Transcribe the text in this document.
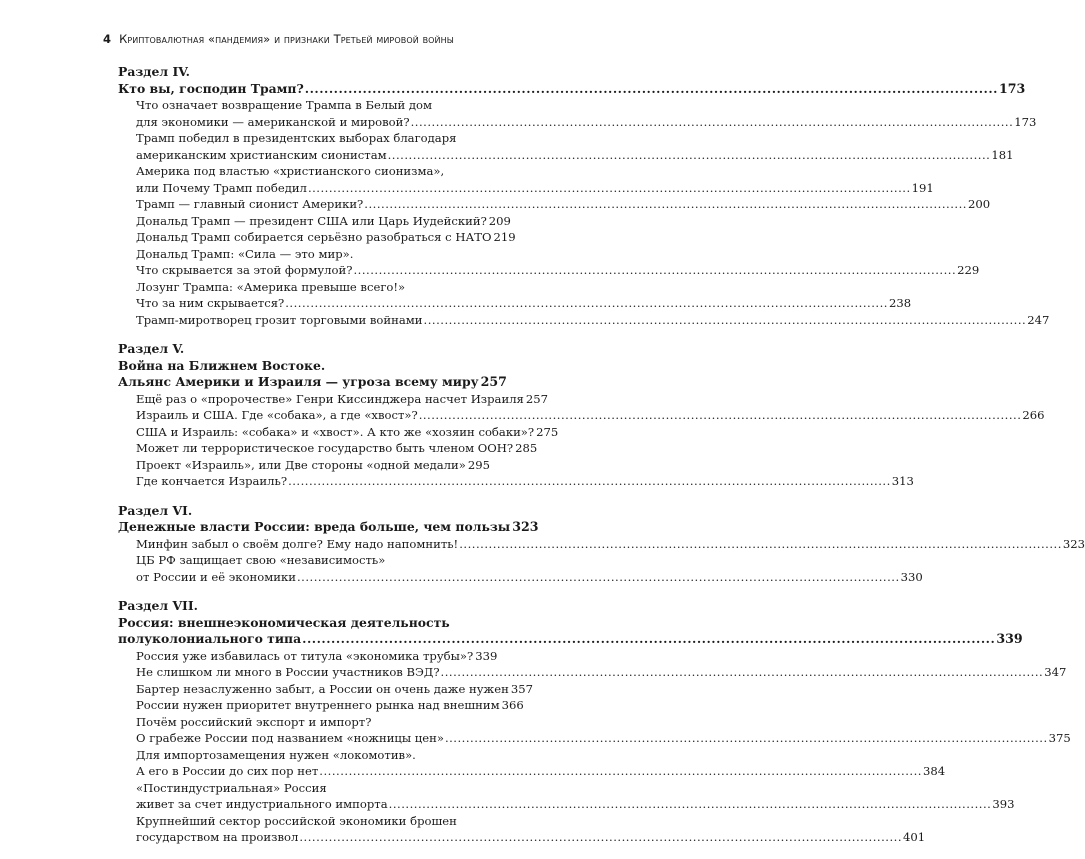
4 Криптовалютная «пандемия» и признаки Третьей мировой войны
Раздел IV.
Кто вы, господин Трамп? .....	173
Что означает возвращение Трампа в Белый дом
для экономики — американской и мировой? .....	173
Трамп победил в президентских выборах благодаря
американским христианским сионистам .....	181
Америка под властью «христианского сионизма»,
или Почему Трамп победил .....	191
Трамп — главный сионист Америки? .....	200
Дональд Трамп — президент США или Царь Иудейский? 209
Дональд Трамп собирается серьёзно разобраться с НАТО 219
Дональд Трамп: «Сила — это мир».
Что скрывается за этой формулой? .....	229
Лозунг Трампа: «Америка превыше всего!»
Что за ним скрывается? .....	238
Трамп-миротворец грозит торговыми войнами .....	247
Раздел V.
Война на Ближнем Востоке.
Альянс Америки и Израиля — угроза всему миру 257
Ещё раз о «пророчестве» Генри Киссинджера насчет Израиля 257
Израиль и США. Где «собака», а где «хвост»? .....	266
США и Израиль: «собака» и «хвост». А кто же «хозяин собаки»? 275
Может ли террористическое государство быть членом ООН? 285
Проект «Израиль», или Две стороны «одной медали» ..... 295
Где кончается Израиль? .....	313
Раздел VI.
Денежные власти России: вреда больше, чем пользы 323
Минфин забыл о своём долге? Ему надо напомнить! .....	323
ЦБ РФ защищает свою «независимость»
от России и её экономики .....	330
Раздел VII.
Россия: внешнеэкономическая деятельность
полуколониального типа .....	339
Россия уже избавилась от титула «экономика трубы»? 339
Не слишком ли много в России участников ВЭД? .....	347
Бартер незаслуженно забыт, а России он очень даже нужен 357
России нужен приоритет внутреннего рынка над внешним 366
Почём российский экспорт и импорт?
О грабеже России под названием «ножницы цен» .....	375
Для импортозамещения нужен «локомотив».
А его в России до сих пор нет .....	384
«Постиндустриальная» Россия
живет за счет индустриального импорта .....	393
Крупнейший сектор российской экономики брошен
государством на произвол .....	401
